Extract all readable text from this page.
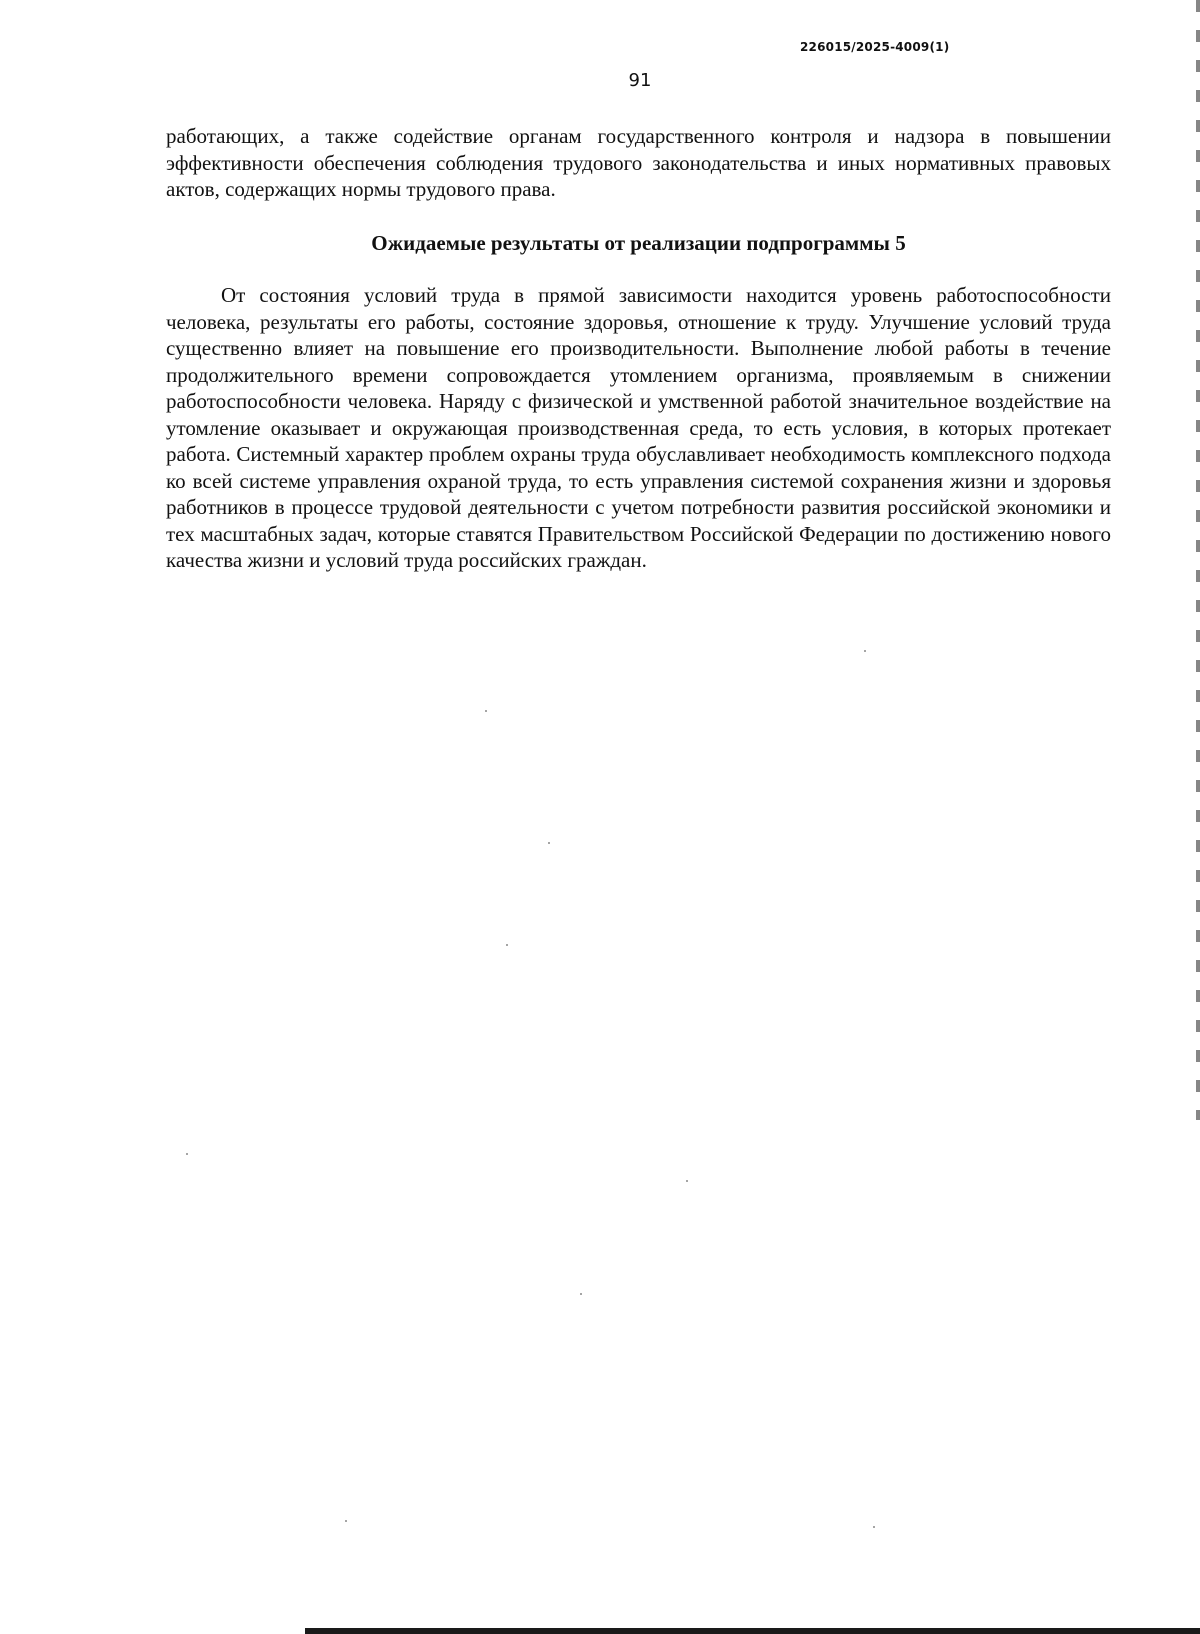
226015/2025-4009(1)
91
работающих, а также содействие органам государственного контроля и надзора в повышении эффективности обеспечения соблюдения трудового законодательства и иных нормативных правовых актов, содержащих нормы трудового права.
Ожидаемые результаты от реализации подпрограммы 5
От состояния условий труда в прямой зависимости находится уровень работоспособности человека, результаты его работы, состояние здоровья, отношение к труду. Улучшение условий труда существенно влияет на повышение его производительности. Выполнение любой работы в течение продолжительного времени сопровождается утомлением организма, проявляемым в снижении работоспособности человека. Наряду с физической и умственной работой значительное воздействие на утомление оказывает и окружающая производственная среда, то есть условия, в которых протекает работа. Системный характер проблем охраны труда обуславливает необходимость комплексного подхода ко всей системе управления охраной труда, то есть управления системой сохранения жизни и здоровья работников в процессе трудовой деятельности с учетом потребности развития российской экономики и тех масштабных задач, которые ставятся Правительством Российской Федерации по достижению нового качества жизни и условий труда российских граждан.
